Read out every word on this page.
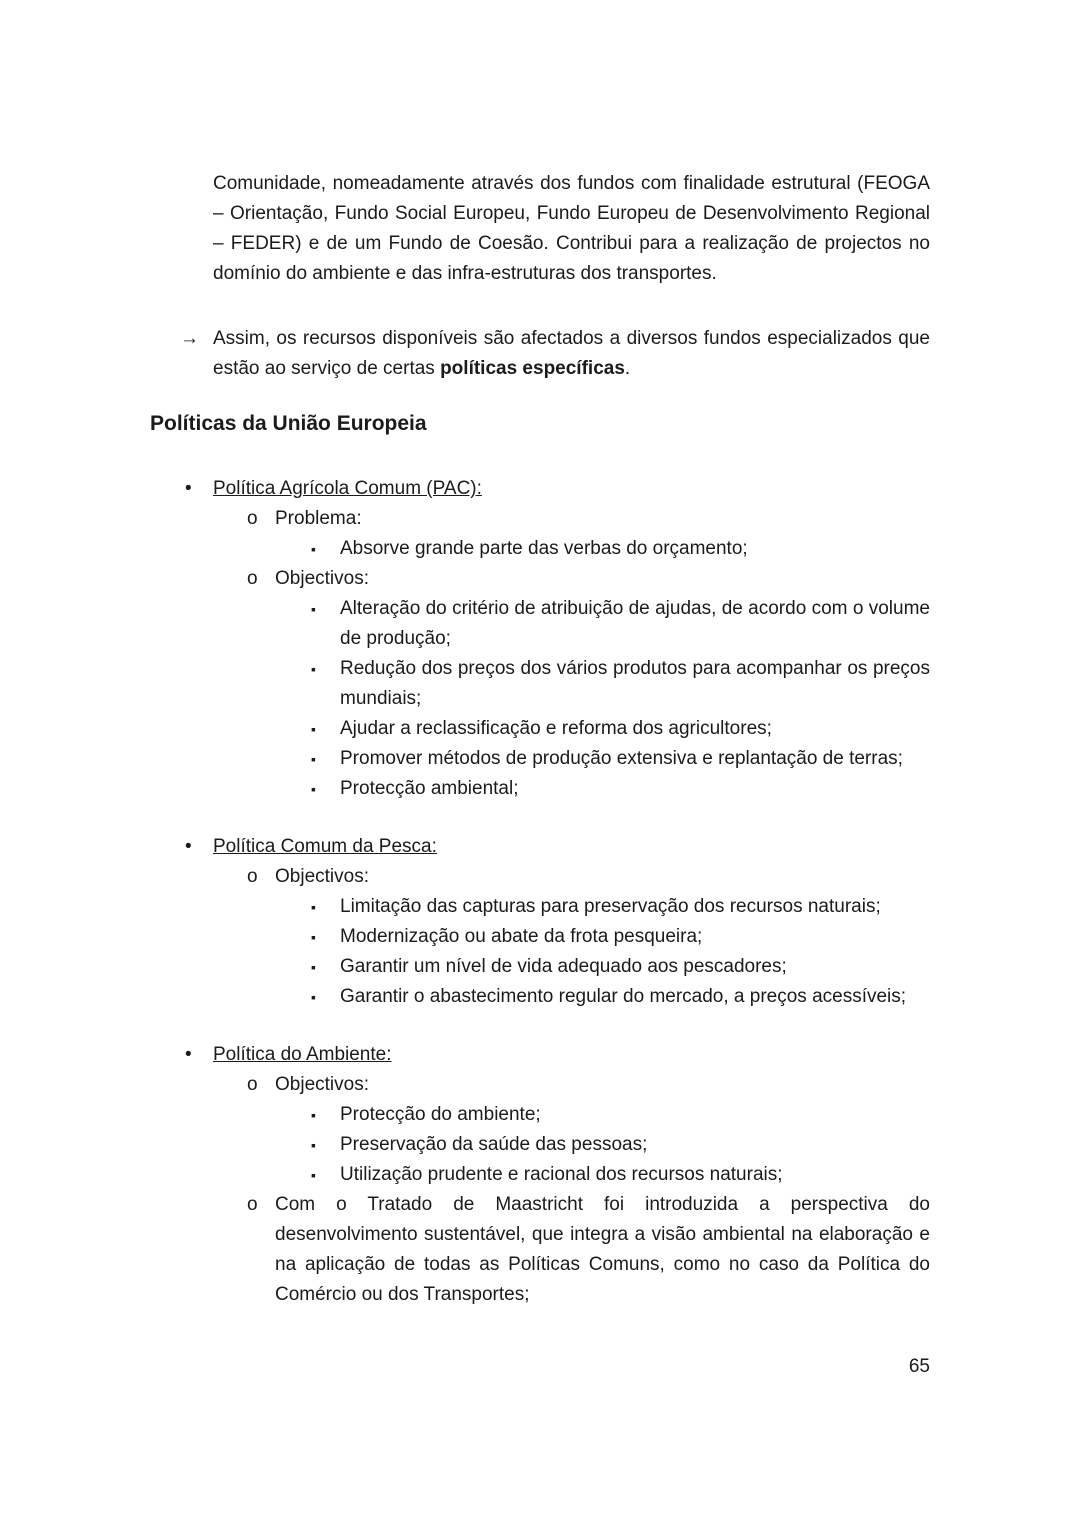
Comunidade, nomeadamente através dos fundos com finalidade estrutural (FEOGA – Orientação, Fundo Social Europeu, Fundo Europeu de Desenvolvimento Regional – FEDER) e de um Fundo de Coesão. Contribui para a realização de projectos no domínio do ambiente e das infra-estruturas dos transportes.

→ Assim, os recursos disponíveis são afectados a diversos fundos especializados que estão ao serviço de certas políticas específicas.
Políticas da União Europeia
•	Política Agrícola Comum (PAC):
o Problema:
▪	Absorve grande parte das verbas do orçamento;
o Objectivos:
▪	Alteração do critério de atribuição de ajudas, de acordo com o volume de produção;
▪	Redução dos preços dos vários produtos para acompanhar os preços mundiais;
▪	Ajudar a reclassificação e reforma dos agricultores;
▪	Promover métodos de produção extensiva e replantação de terras;
▪	Protecção ambiental;
•	Política Comum da Pesca:
o Objectivos:
▪	Limitação das capturas para preservação dos recursos naturais;
▪	Modernização ou abate da frota pesqueira;
▪	Garantir um nível de vida adequado aos pescadores;
▪	Garantir o abastecimento regular do mercado, a preços acessíveis;
•	Política do Ambiente:
o Objectivos:
▪	Protecção do ambiente;
▪	Preservação da saúde das pessoas;
▪	Utilização prudente e racional dos recursos naturais;
o Com o Tratado de Maastricht foi introduzida a perspectiva do desenvolvimento sustentável, que integra a visão ambiental na elaboração e na aplicação de todas as Políticas Comuns, como no caso da Política do Comércio ou dos Transportes;
65
